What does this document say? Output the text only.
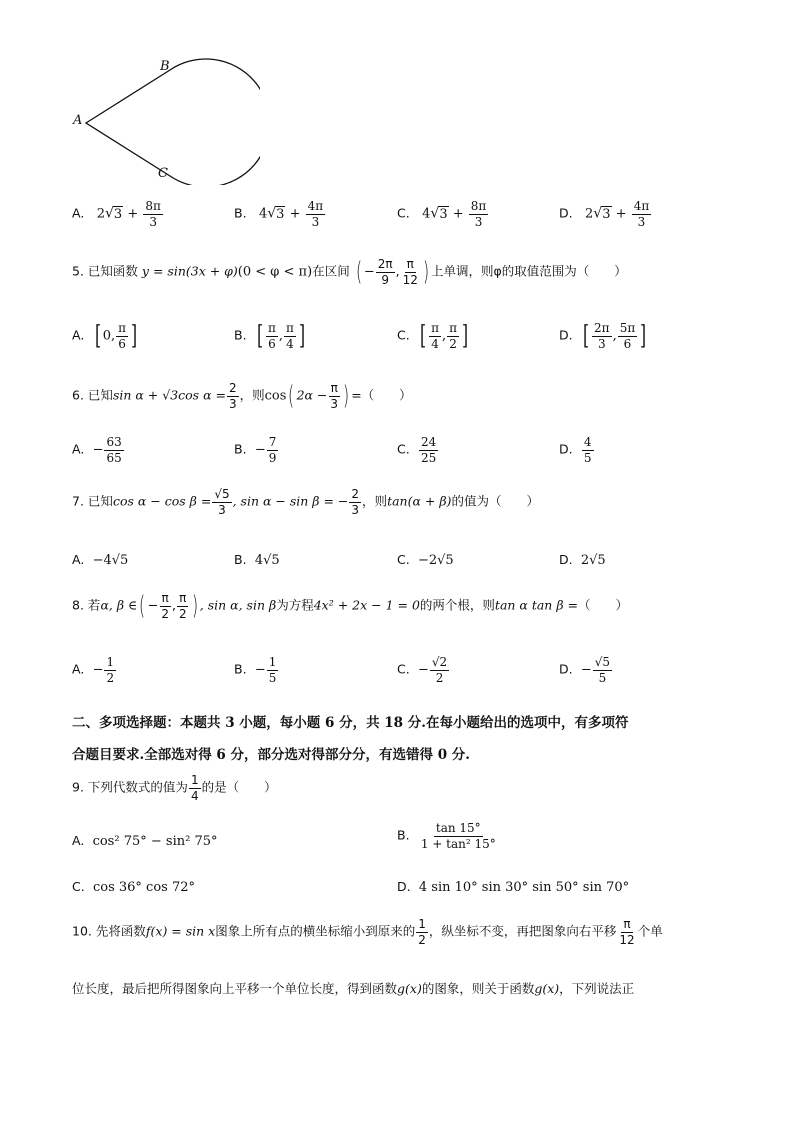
B
A
C
A. $2√3 + \frac{8\pi}{3}$	B. $4√3 + \frac{4\pi}{3}$	C. $4√3 + \frac{8\pi}{3}$	D. $2√3 + \frac{4\pi}{3}$
5. 已知函数 y = sin(3x + φ)(0 < φ < π)在区间 ( − $\frac{2\pi}{9}$ , $\frac{\pi}{12}$ ) 上单调，则φ的取值范围为（　　）
A. [ 0, $\frac{\pi}{6}$ ]	B. [ $\frac{\pi}{6}$ , $\frac{\pi}{4}$ ]	C. [ $\frac{\pi}{4}$ , $\frac{\pi}{2}$ ]	D. [ $\frac{2\pi}{3}$ , $\frac{5\pi}{6}$ ]
6. 已知sin α + √3cos $\alpha = \frac{2}{3}$ ，则cos( $2\alpha - \frac{\pi}{3}$ ) =（　　）
A. − $\frac{63}{65}$	B. − $\frac{7}{9}$	C. $\frac{24}{25}$	D. $\frac{4}{5}$
7. 已知$\cos \alpha - \cos \beta = \frac{√5}{3}$ , sin α − sin β = − $\frac{2}{3}$ ，则tan(α + β)的值为（　　）
A. −4√5	B. 4√5	C. −2√5	D. 2√5
8. 若α, β ∈( − $\frac{\pi}{2}$ , $\frac{\pi}{2}$ ) , sin α, sin β为方程4x² + 2x − 1 = 0的两个根，则tan α tan β =（　　）
A. − $\frac{1}{2}$	B. − $\frac{1}{5}$	C. − $\frac{√2}{2}$	D. − $\frac{√5}{5}$
二、多项选择题：本题共 3 小题，每小题 6 分，共 18 分.在每小题给出的选项中，有多项符
合题目要求.全部选对得 6 分，部分选对得部分分，有选错得 0 分.
9. 下列代数式的值为 $\frac{1}{4}$ 的是（　　）
A. cos² 75° − sin² 75°	B. $\frac{\tan 15^\circ}{\text{1 + tan² 15°}}$
C. cos 36° cos 72°	D. 4 sin 10° sin 30° sin 50° sin 70°
10. 先将函数f(x) = sin x图象上所有点的横坐标缩小到原来的 $\frac{1}{2}$ ，纵坐标不变，再把图象向右平移 $\frac{\pi}{12}$ 个单
位长度，最后把所得图象向上平移一个单位长度，得到函数g(x)的图象，则关于函数g(x)，下列说法正
